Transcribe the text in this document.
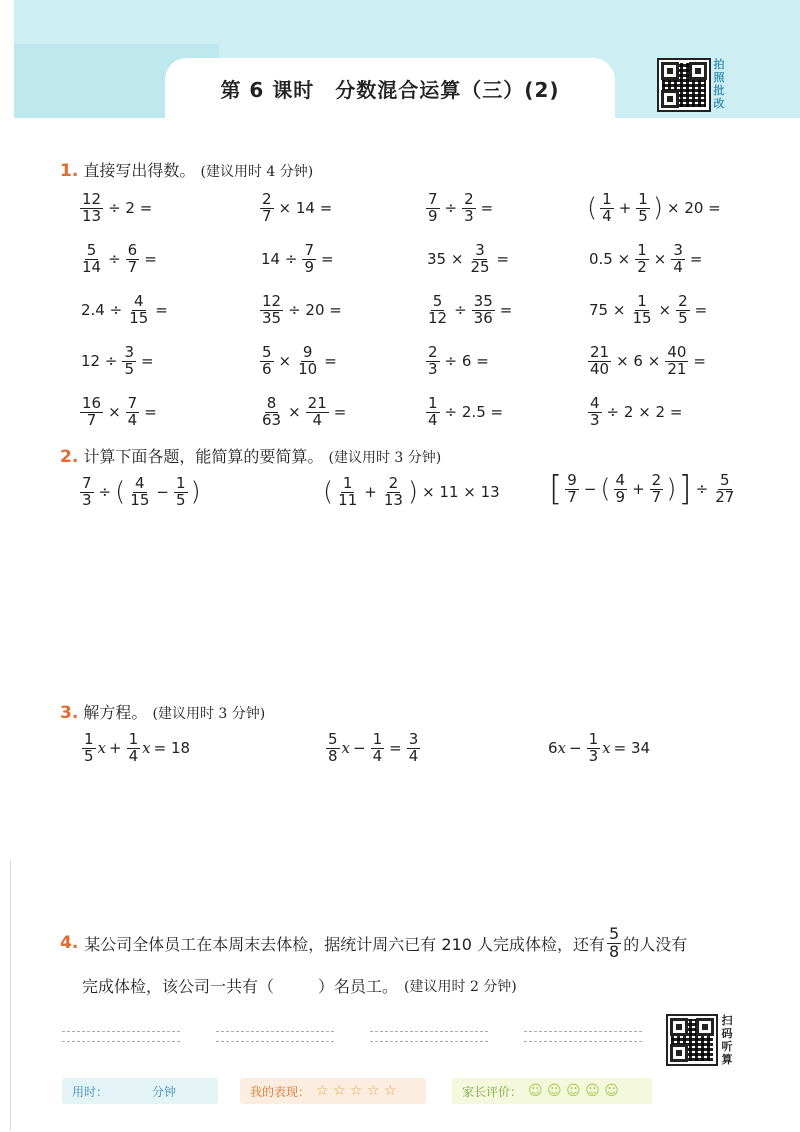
第 6 课时　分数混合运算（三）(2)
拍
照
批
改
1. 直接写出得数。 (建议用时 4 分钟)
$\frac{12}{13} \div 2$ =	$\frac{2}{7} \times 14$ =	$\frac{7}{9} \div \frac{2}{3}$ =	( $\frac{1}{4} + \frac{1}{5}$ ) × 20 =
$\frac{5}{14} \div \frac{6}{7}$ =	$14 \div \frac{7}{9}$ =	$35 \times \frac{3}{25}$ =	$0.5 \times \frac{1}{2} \times \frac{3}{4}$ =
$2.4 \div \frac{4}{15}$ =	$\frac{12}{35} \div 20$ =	$\frac{5}{12} \div \frac{35}{36}$ =	$75 \times \frac{1}{15} \times \frac{2}{5}$ =
$12 \div \frac{3}{5}$ =	$\frac{5}{6} \times \frac{9}{10}$ =	$\frac{2}{3} \div 6$ =	$\frac{21}{40} \times 6 \times \frac{40}{21}$ =
$\frac{16}{7} \times \frac{7}{4}$ =	$\frac{8}{63} \times \frac{21}{4}$ =	$\frac{1}{4} \div 2.5$ =	$\frac{4}{3} \div 2 \times 2$ =
2. 计算下面各题，能简算的要简算。 (建议用时 3 分钟)
$\frac{7}{3}$ ÷ ( $\frac{4}{15} - \frac{1}{5}$ )	( $\frac{1}{11} + \frac{2}{13}$ ) × 11 × 13 [ $\frac{9}{7}$ − ( $\frac{4}{9} + \frac{2}{7}$ ) ] ÷ $\frac{5}{27}$
3. 解方程。 (建议用时 3 分钟)
$\frac{1}{5}$ $x + \frac{1}{4}$ x = 18	$\frac{5}{8}$ $x - \frac{1}{4} = \frac{3}{4}$	6 $x - \frac{1}{3}$ x = 34
4. 某公司全体员工在本周末去体检，据统计周六已有 210 人完成体检，还有 $\frac{5}{8}$ 的人没有
完成体检，该公司一共有（	）名员工。 (建议用时 2 分钟)
扫
码
听
算
用时：	分钟	我的表现： ☆ ☆ ☆ ☆ ☆	家长评价： ☺ ☺ ☺ ☺ ☺
